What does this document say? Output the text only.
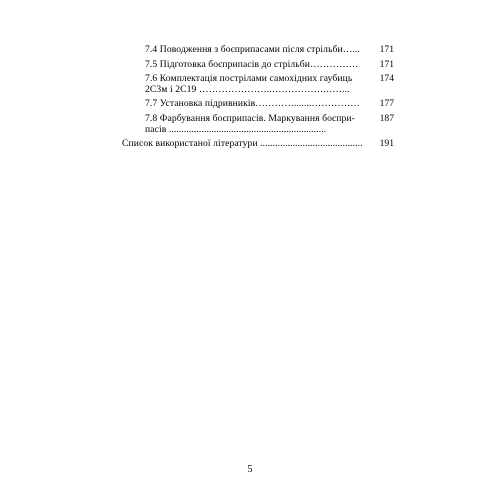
7.4 Поводження з боєприпасами після стрільби…...	171
7.5 Підготовка боєприпасів до стрільби……………	171
7.6 Комплектація пострілами самохідних гаубиць	174
2С3м і 2С19 …………………..…………….……...
7.7 Установка підривників………….......……………	177
7.8 Фарбування боєприпасів. Маркування боєпри-	187
пасів ...............................................................
Список використаної літератури .........................................	191
5
